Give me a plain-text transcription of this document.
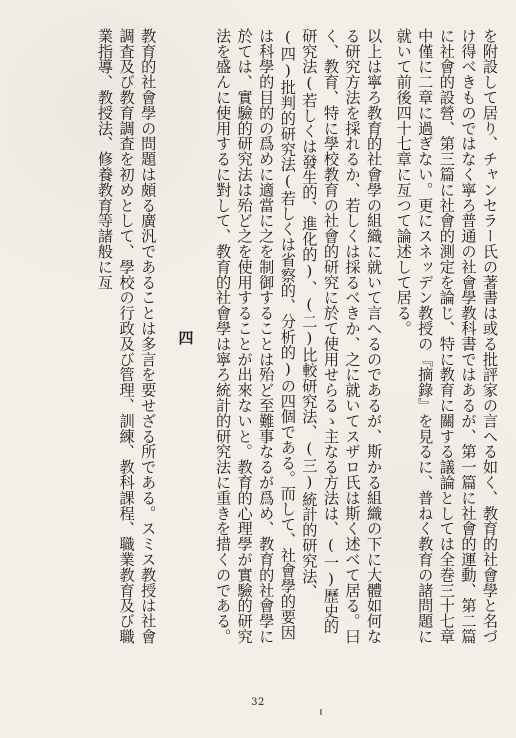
を附設して居り、チャンセラー氏の著書は或る批評家の言へる如く、教育的社會學と名づけ得べきものではなく寧ろ普通の社會學教科書ではあるが、第一篇に社會的運動、第二篇に社會的設營、第三篇に社會的測定を論じ、特に教育に關する議論としては全巻三十七章中僅に二章に過ぎない。更にスネッデン教授の『摘錄』を見るに、普ねく教育の諸問題に就いて前後四十七章に亙つて論述して居る。

以上は寧ろ教育的社會學の組織に就いて言へるのであるが、斯かる組織の下に大體如何なる研究方法を採れるか、若しくは採るべきか、之に就いてスザロ氏は斯く述べて居る。曰く、教育、特に學校教育の社會的研究に於て使用せらるゝ主なる方法は、(一)歷史的研究法(若しくは發生的、進化的)、(二)比較研究法、(三)統計的研究法、(四)批判的研究法(若しくは省察的、分析的)の四個である。而して、社會學的要因は科學的目的の爲めに適當に之を制御することは殆ど至難事なるが爲め、教育的社會學に於ては、實驗的研究法は殆ど之を使用することが出來ないと。教育的心理學が實驗的研究法を盛んに使用するに對して、教育的社會學は寧ろ統計的研究法に重きを措くのである。

四

教育的社會學の問題は頗る廣汎であることは多言を要せざる所である。スミス教授は社會調査及び教育調査を初めとして、學校の行政及び管理、訓練、教科課程、職業教育及び職業指導、教授法、修養教育等諸般に亙

32
